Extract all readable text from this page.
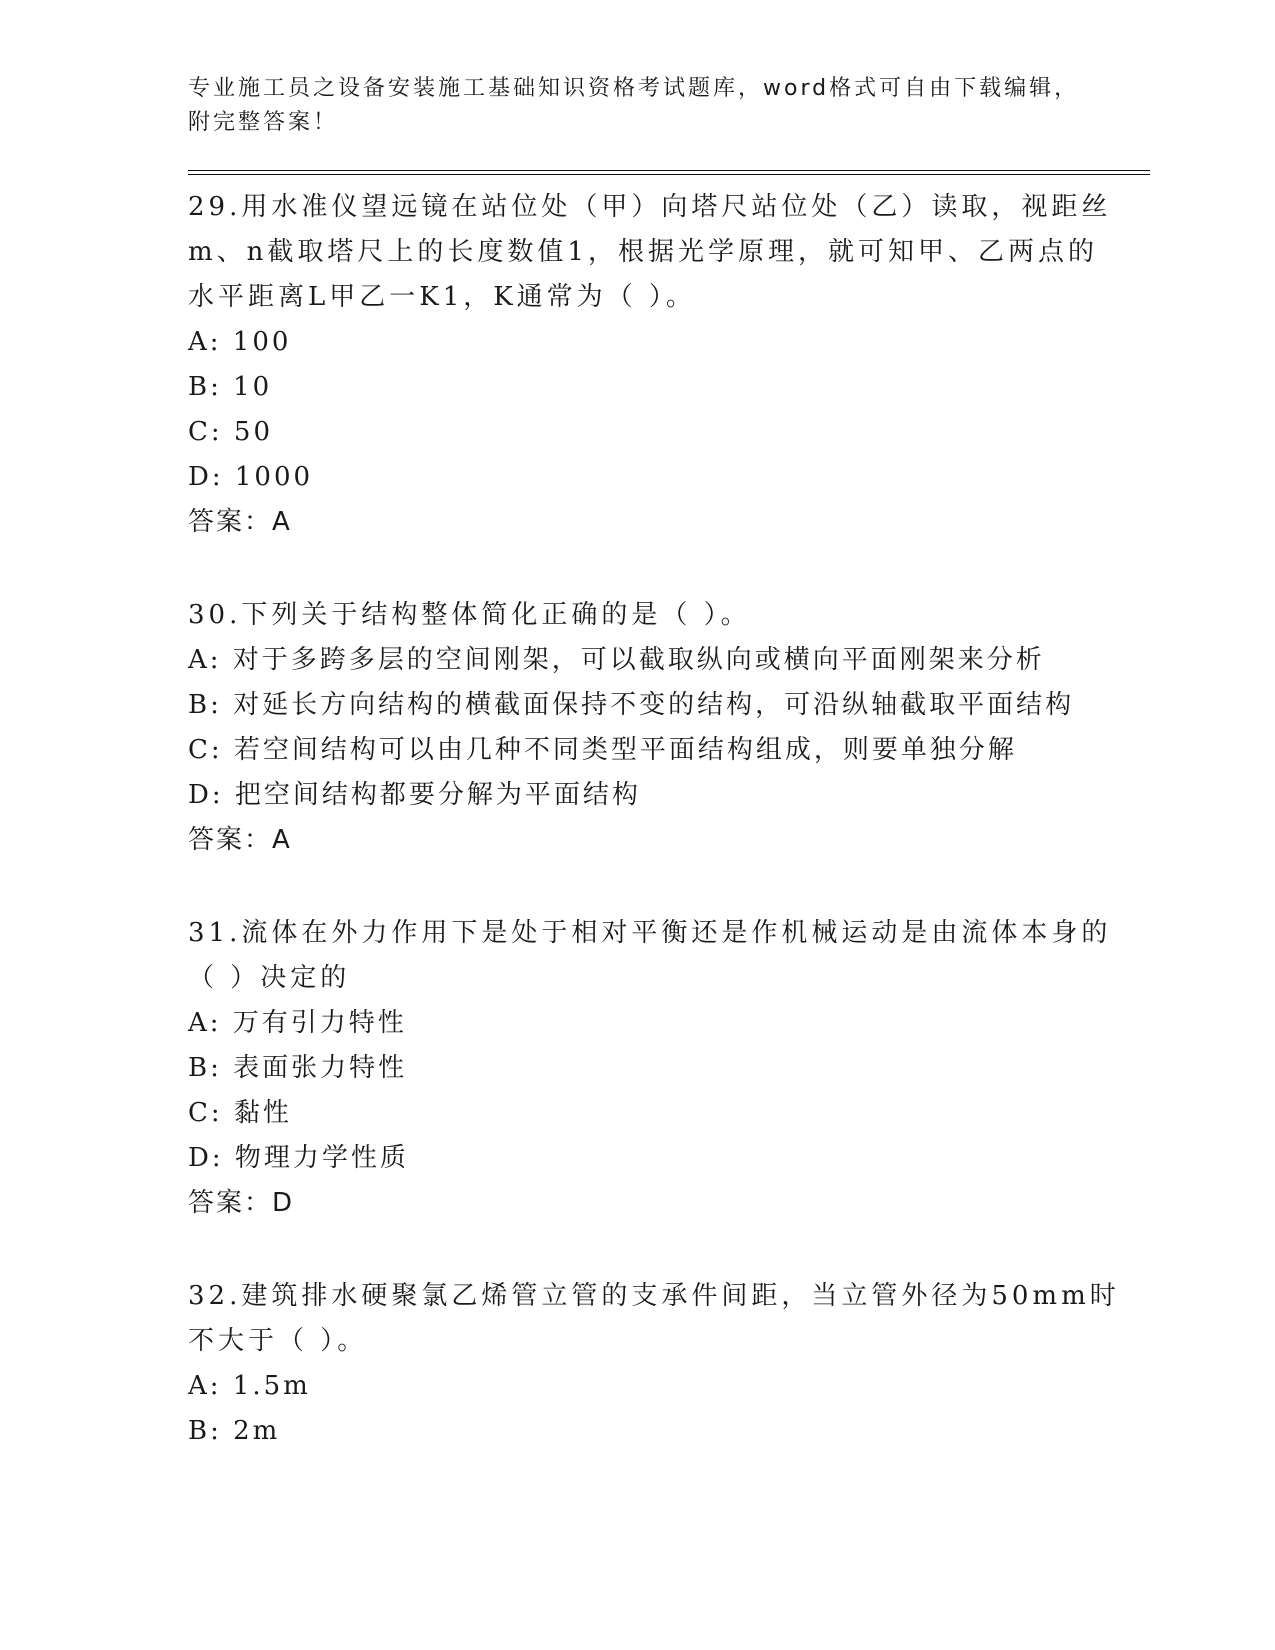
专业施工员之设备安装施工基础知识资格考试题库，word格式可自由下载编辑，

附完整答案！

29.用水准仪望远镜在站位处（甲）向塔尺站位处（乙）读取，视距丝

m、n截取塔尺上的长度数值1，根据光学原理，就可知甲、乙两点的

水平距离L甲乙一K1，K通常为（ ）。

A: 100

B: 10

C: 50

D: 1000

答案：A

30.下列关于结构整体简化正确的是（ ）。

A: 对于多跨多层的空间刚架，可以截取纵向或横向平面刚架来分析

B: 对延长方向结构的横截面保持不变的结构，可沿纵轴截取平面结构

C: 若空间结构可以由几种不同类型平面结构组成，则要单独分解

D: 把空间结构都要分解为平面结构

答案：A

31.流体在外力作用下是处于相对平衡还是作机械运动是由流体本身的

（ ）决定的

A: 万有引力特性

B: 表面张力特性

C: 黏性

D: 物理力学性质

答案：D

32.建筑排水硬聚氯乙烯管立管的支承件间距，当立管外径为50mm时

不大于（ ）。

A: 1.5m

B: 2m
